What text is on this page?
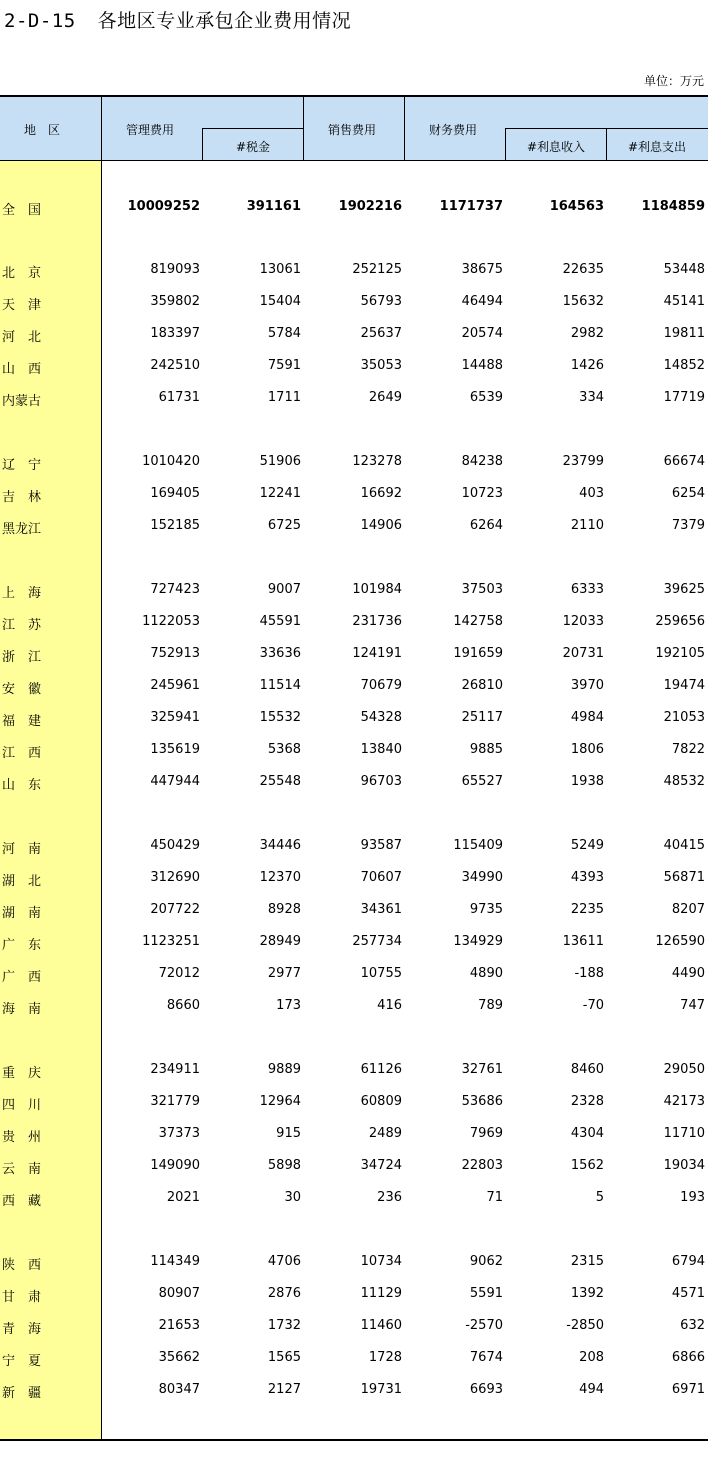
2-D-15 各地区专业承包企业费用情况
单位：万元
地　区	管理费用
#税金
销售费用	财务费用
#利息收入	#利息支出
全　国	10009252	391161	1902216	1171737	164563	1184859
北　京	819093	13061	252125	38675	22635	53448
天　津	359802	15404	56793	46494	15632	45141
河　北	183397	5784	25637	20574	2982	19811
山　西	242510	7591	35053	14488	1426	14852
内蒙古	61731	1711	2649	6539	334	17719
辽　宁	1010420	51906	123278	84238	23799	66674
吉　林	169405	12241	16692	10723	403	6254
黑龙江	152185	6725	14906	6264	2110	7379
上　海	727423	9007	101984	37503	6333	39625
江　苏	1122053	45591	231736	142758	12033	259656
浙　江	752913	33636	124191	191659	20731	192105
安　徽	245961	11514	70679	26810	3970	19474
福　建	325941	15532	54328	25117	4984	21053
江　西	135619	5368	13840	9885	1806	7822
山　东	447944	25548	96703	65527	1938	48532
河　南	450429	34446	93587	115409	5249	40415
湖　北	312690	12370	70607	34990	4393	56871
湖　南	207722	8928	34361	9735	2235	8207
广　东	1123251	28949	257734	134929	13611	126590
广　西	72012	2977	10755	4890	-188	4490
海　南	8660	173	416	789	-70	747
重　庆	234911	9889	61126	32761	8460	29050
四　川	321779	12964	60809	53686	2328	42173
贵　州	37373	915	2489	7969	4304	11710
云　南	149090	5898	34724	22803	1562	19034
西　藏	2021	30	236	71	5	193
陕　西	114349	4706	10734	9062	2315	6794
甘　肃	80907	2876	11129	5591	1392	4571
青　海	21653	1732	11460	-2570	-2850	632
宁　夏	35662	1565	1728	7674	208	6866
新　疆	80347	2127	19731	6693	494	6971
